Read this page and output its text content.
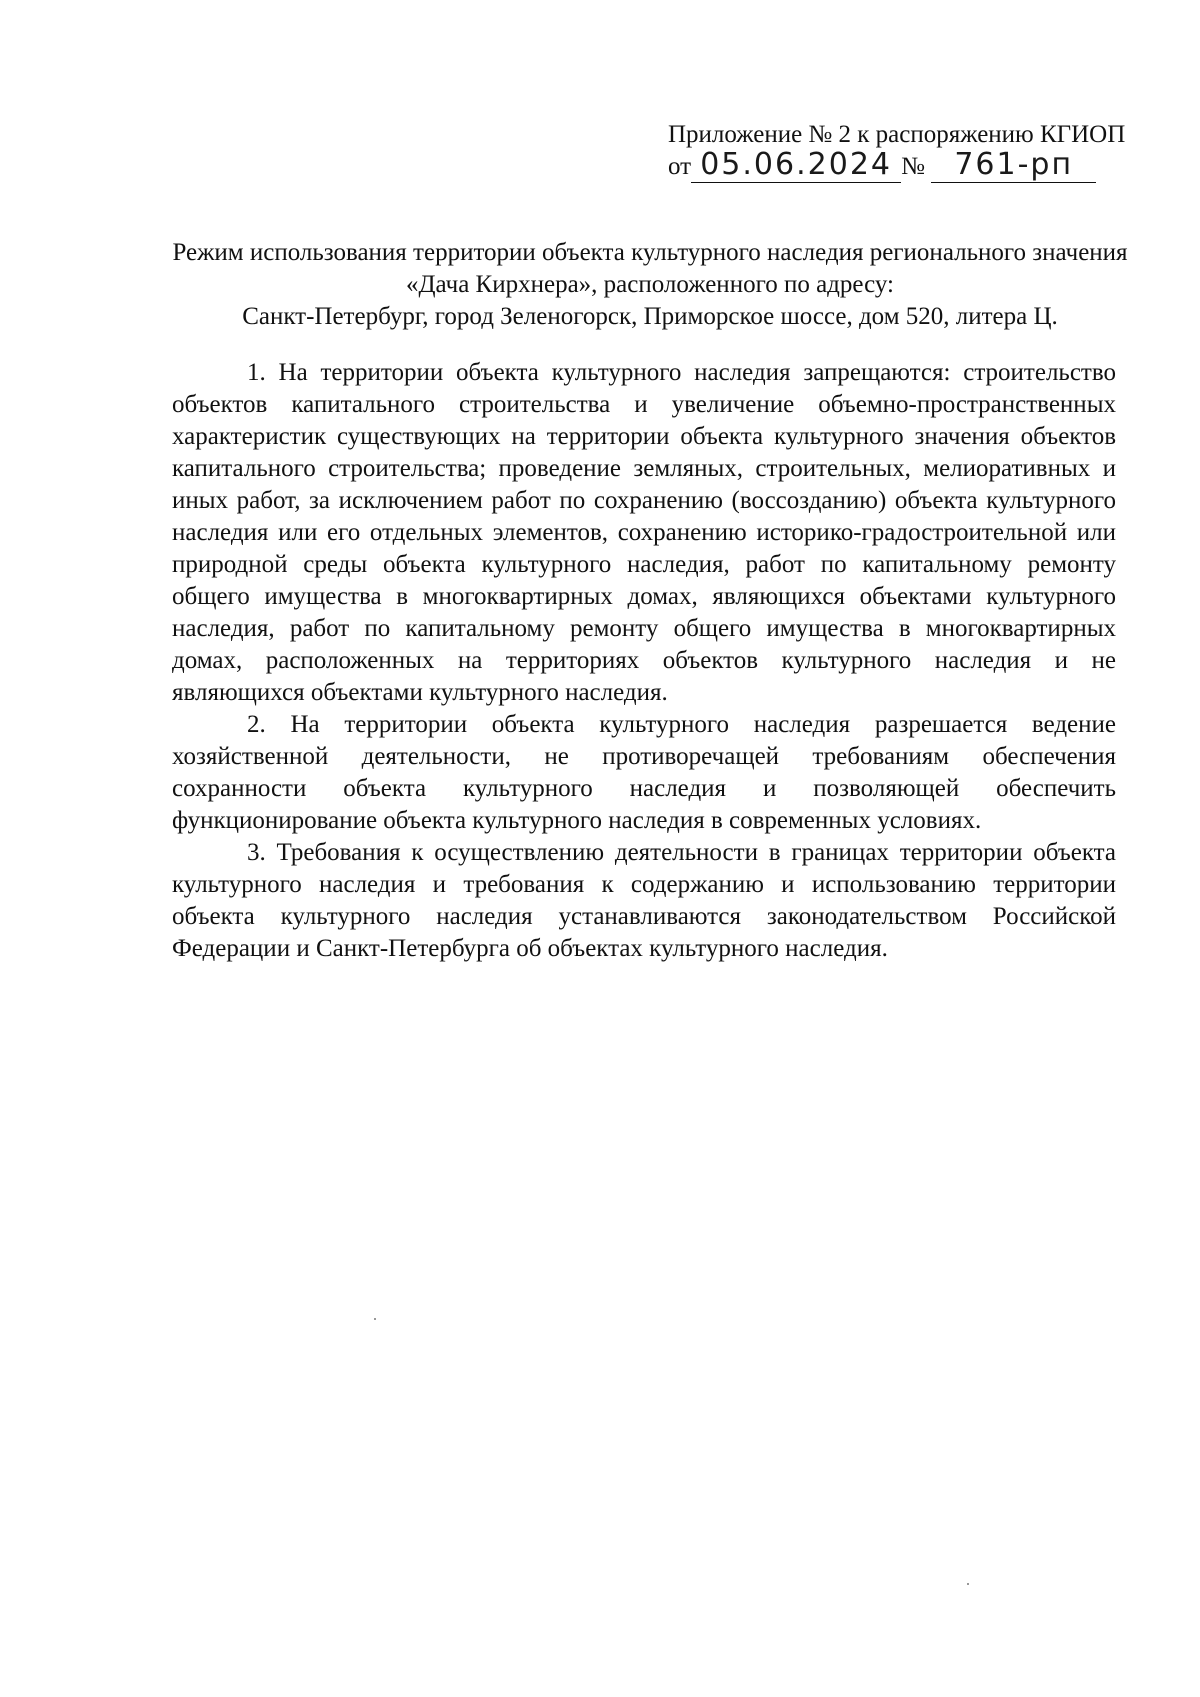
Приложение № 2 к распоряжению КГИОП
от 05.06.2024 № 761-рп
Режим использования территории объекта культурного наследия регионального значения
«Дача Кирхнера», расположенного по адресу:
Санкт-Петербург, город Зеленогорск, Приморское шоссе, дом 520, литера Ц.

1. На территории объекта культурного наследия запрещаются: строительство объектов капитального строительства и увеличение объемно-пространственных характеристик существующих на территории объекта культурного значения объектов капитального строительства; проведение земляных, строительных, мелиоративных и иных работ, за исключением работ по сохранению (воссозданию) объекта культурного наследия или его отдельных элементов, сохранению историко-градостроительной или природной среды объекта культурного наследия, работ по капитальному ремонту общего имущества в многоквартирных домах, являющихся объектами культурного наследия, работ по капитальному ремонту общего имущества в многоквартирных домах, расположенных на территориях объектов культурного наследия и не являющихся объектами культурного наследия.

2. На территории объекта культурного наследия разрешается ведение хозяйственной деятельности, не противоречащей требованиям обеспечения сохранности объекта культурного наследия и позволяющей обеспечить функционирование объекта культурного наследия в современных условиях.

3. Требования к осуществлению деятельности в границах территории объекта культурного наследия и требования к содержанию и использованию территории объекта культурного наследия устанавливаются законодательством Российской Федерации и Санкт-Петербурга об объектах культурного наследия.
